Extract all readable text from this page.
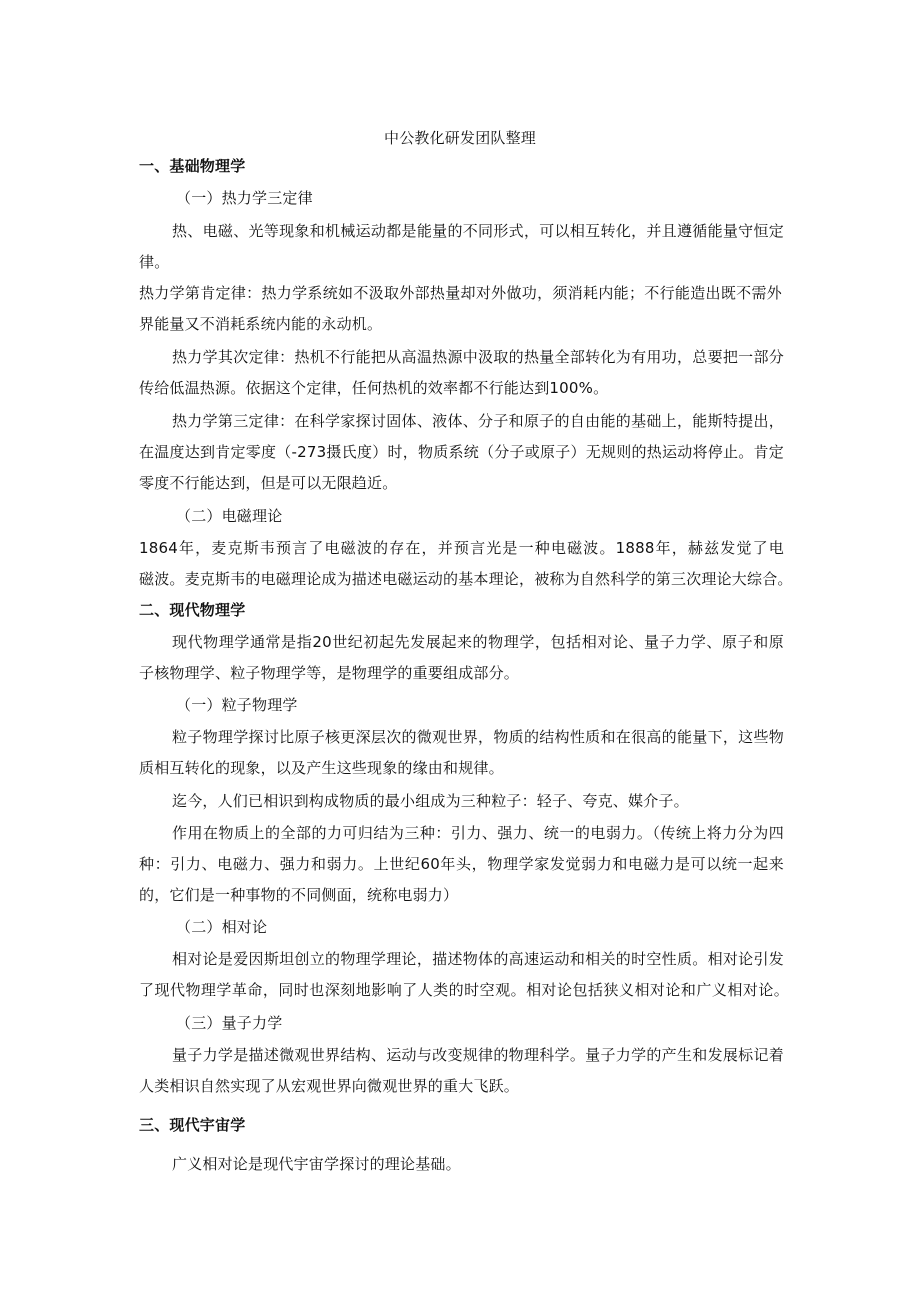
中公教化研发团队整理
一、基础物理学
（一）热力学三定律
热、电磁、光等现象和机械运动都是能量的不同形式，可以相互转化，并且遵循能量守恒定
律。
热力学第肯定律：热力学系统如不汲取外部热量却对外做功，须消耗内能；不行能造出既不需外
界能量又不消耗系统内能的永动机。
热力学其次定律：热机不行能把从高温热源中汲取的热量全部转化为有用功，总要把一部分
传给低温热源。依据这个定律，任何热机的效率都不行能达到100%。
热力学第三定律：在科学家探讨固体、液体、分子和原子的自由能的基础上，能斯特提出，
在温度达到肯定零度（-273摄氏度）时，物质系统（分子或原子）无规则的热运动将停止。肯定
零度不行能达到，但是可以无限趋近。
（二）电磁理论
1864年，麦克斯韦预言了电磁波的存在，并预言光是一种电磁波。1888年，赫兹发觉了电
磁波。麦克斯韦的电磁理论成为描述电磁运动的基本理论，被称为自然科学的第三次理论大综合。
二、现代物理学
现代物理学通常是指20世纪初起先发展起来的物理学，包括相对论、量子力学、原子和原
子核物理学、粒子物理学等，是物理学的重要组成部分。
（一）粒子物理学
粒子物理学探讨比原子核更深层次的微观世界，物质的结构性质和在很高的能量下，这些物
质相互转化的现象，以及产生这些现象的缘由和规律。
迄今，人们已相识到构成物质的最小组成为三种粒子：轻子、夸克、媒介子。
作用在物质上的全部的力可归结为三种：引力、强力、统一的电弱力。（传统上将力分为四
种：引力、电磁力、强力和弱力。上世纪60年头，物理学家发觉弱力和电磁力是可以统一起来
的，它们是一种事物的不同侧面，统称电弱力）
（二）相对论
相对论是爱因斯坦创立的物理学理论，描述物体的高速运动和相关的时空性质。相对论引发
了现代物理学革命，同时也深刻地影响了人类的时空观。相对论包括狭义相对论和广义相对论。
（三）量子力学
量子力学是描述微观世界结构、运动与改变规律的物理科学。量子力学的产生和发展标记着
人类相识自然实现了从宏观世界向微观世界的重大飞跃。
三、现代宇宙学
广义相对论是现代宇宙学探讨的理论基础。
